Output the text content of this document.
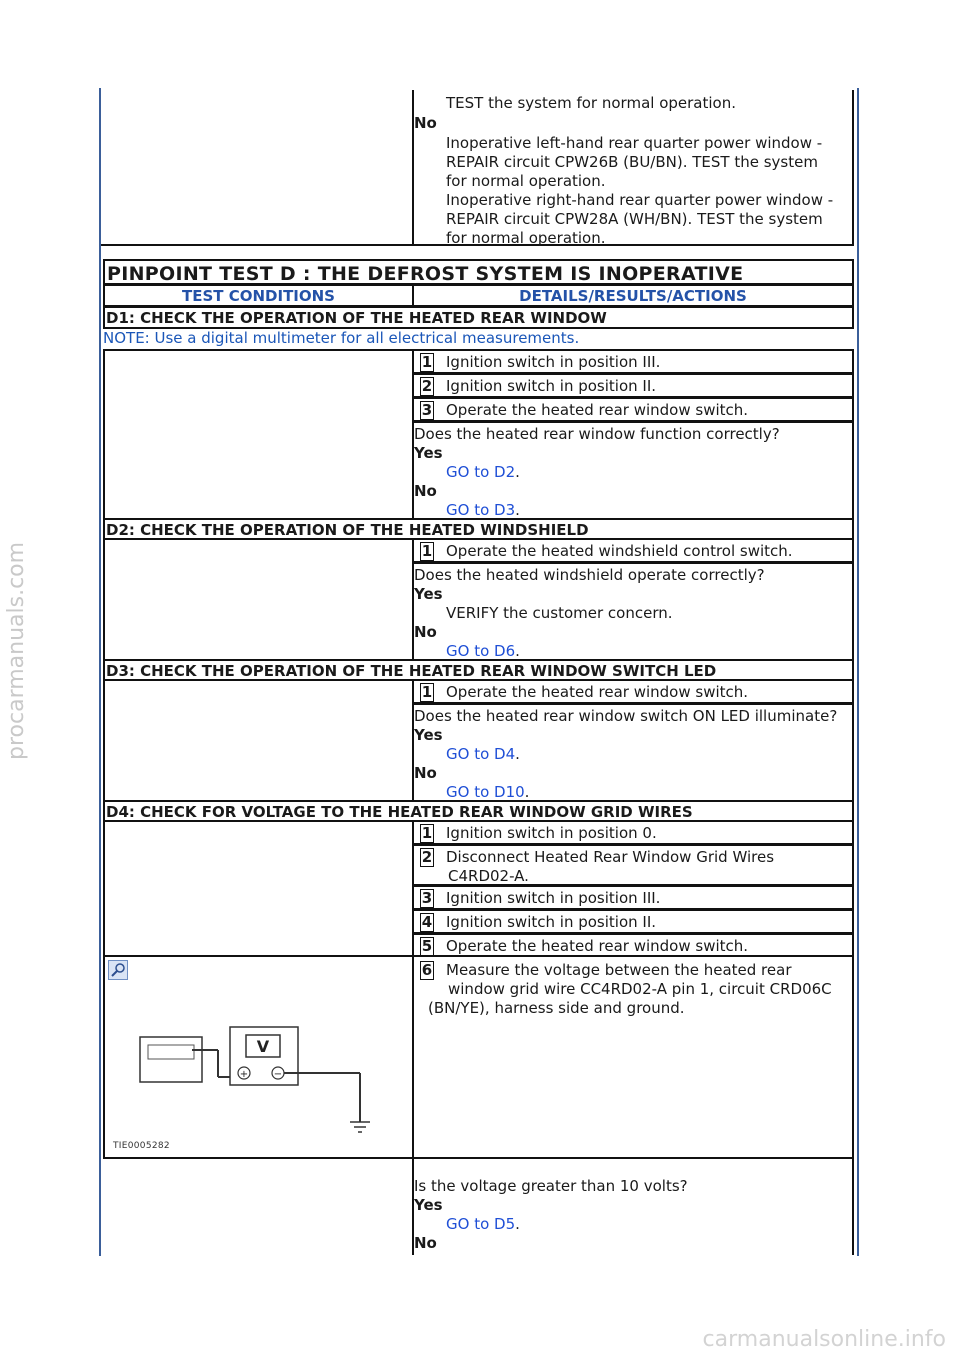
procarmanuals.com
TEST the system for normal operation.
No
Inoperative left-hand rear quarter power window -
REPAIR circuit CPW26B (BU/BN). TEST the system
for normal operation.
Inoperative right-hand rear quarter power window -
REPAIR circuit CPW28A (WH/BN). TEST the system
for normal operation.
PINPOINT TEST D : THE DEFROST SYSTEM IS INOPERATIVE
TEST CONDITIONS	DETAILS/RESULTS/ACTIONS
D1: CHECK THE OPERATION OF THE HEATED REAR WINDOW
NOTE: Use a digital multimeter for all electrical measurements.
1 Ignition switch in position III.
2 Ignition switch in position II.
3 Operate the heated rear window switch.
Does the heated rear window function correctly?
Yes
GO to D2.
No
GO to D3.
D2: CHECK THE OPERATION OF THE HEATED WINDSHIELD
1 Operate the heated windshield control switch.
Does the heated windshield operate correctly?
Yes
VERIFY the customer concern.
No
GO to D6.
D3: CHECK THE OPERATION OF THE HEATED REAR WINDOW SWITCH LED
1 Operate the heated rear window switch.
Does the heated rear window switch ON LED illuminate?
Yes
GO to D4.
No
GO to D10.
D4: CHECK FOR VOLTAGE TO THE HEATED REAR WINDOW GRID WIRES
1 Ignition switch in position 0.
2 Disconnect Heated Rear Window Grid Wires
C4RD02-A.
3 Ignition switch in position III.
4 Ignition switch in position II.
5 Operate the heated rear window switch.
V
+	−
TIE0005282
6 Measure the voltage between the heated rear
window grid wire CC4RD02-A pin 1, circuit CRD06C
(BN/YE), harness side and ground.
Is the voltage greater than 10 volts?
Yes
GO to D5.
No
carmanualsonline.info
